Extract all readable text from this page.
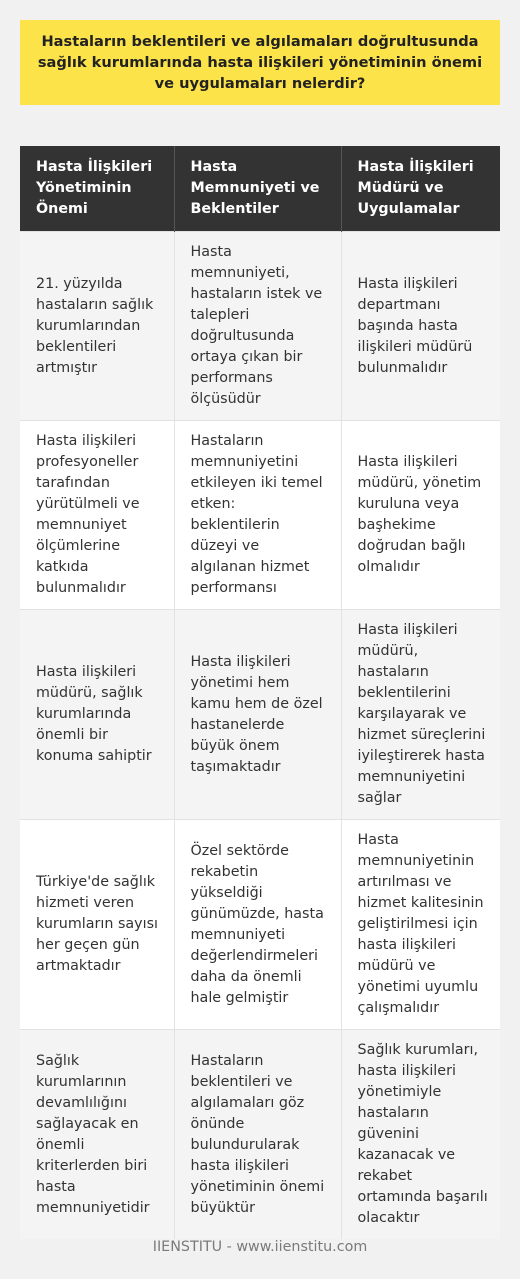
Hastaların beklentileri ve algılamaları doğrultusunda sağlık kurumlarında hasta ilişkileri yönetiminin önemi ve uygulamaları nelerdir?
Hasta İlişkileri Yönetiminin Önemi	Hasta Memnuniyeti ve Beklentiler	Hasta İlişkileri Müdürü ve Uygulamalar
21. yüzyılda hastaların sağlık kurumlarından beklentileri artmıştır	Hasta memnuniyeti, hastaların istek ve talepleri doğrultusunda ortaya çıkan bir performans ölçüsüdür	Hasta ilişkileri departmanı başında hasta ilişkileri müdürü bulunmalıdır
Hasta ilişkileri profesyoneller tarafından yürütülmeli ve memnuniyet ölçümlerine katkıda bulunmalıdır	Hastaların memnuniyetini etkileyen iki temel etken: beklentilerin düzeyi ve algılanan hizmet performansı	Hasta ilişkileri müdürü, yönetim kuruluna veya başhekime doğrudan bağlı olmalıdır
Hasta ilişkileri müdürü, sağlık kurumlarında önemli bir konuma sahiptir	Hasta ilişkileri yönetimi hem kamu hem de özel hastanelerde büyük önem taşımaktadır	Hasta ilişkileri müdürü, hastaların beklentilerini karşılayarak ve hizmet süreçlerini iyileştirerek hasta memnuniyetini sağlar
Türkiye'de sağlık hizmeti veren kurumların sayısı her geçen gün artmaktadır	Özel sektörde rekabetin yükseldiği günümüzde, hasta memnuniyeti değerlendirmeleri daha da önemli hale gelmiştir	Hasta memnuniyetinin artırılması ve hizmet kalitesinin geliştirilmesi için hasta ilişkileri müdürü ve yönetimi uyumlu çalışmalıdır
Sağlık kurumlarının devamlılığını sağlayacak en önemli kriterlerden biri hasta memnuniyetidir	Hastaların beklentileri ve algılamaları göz önünde bulundurularak hasta ilişkileri yönetiminin önemi büyüktür	Sağlık kurumları, hasta ilişkileri yönetimiyle hastaların güvenini kazanacak ve rekabet ortamında başarılı olacaktır
IIENSTITU - www.iienstitu.com
